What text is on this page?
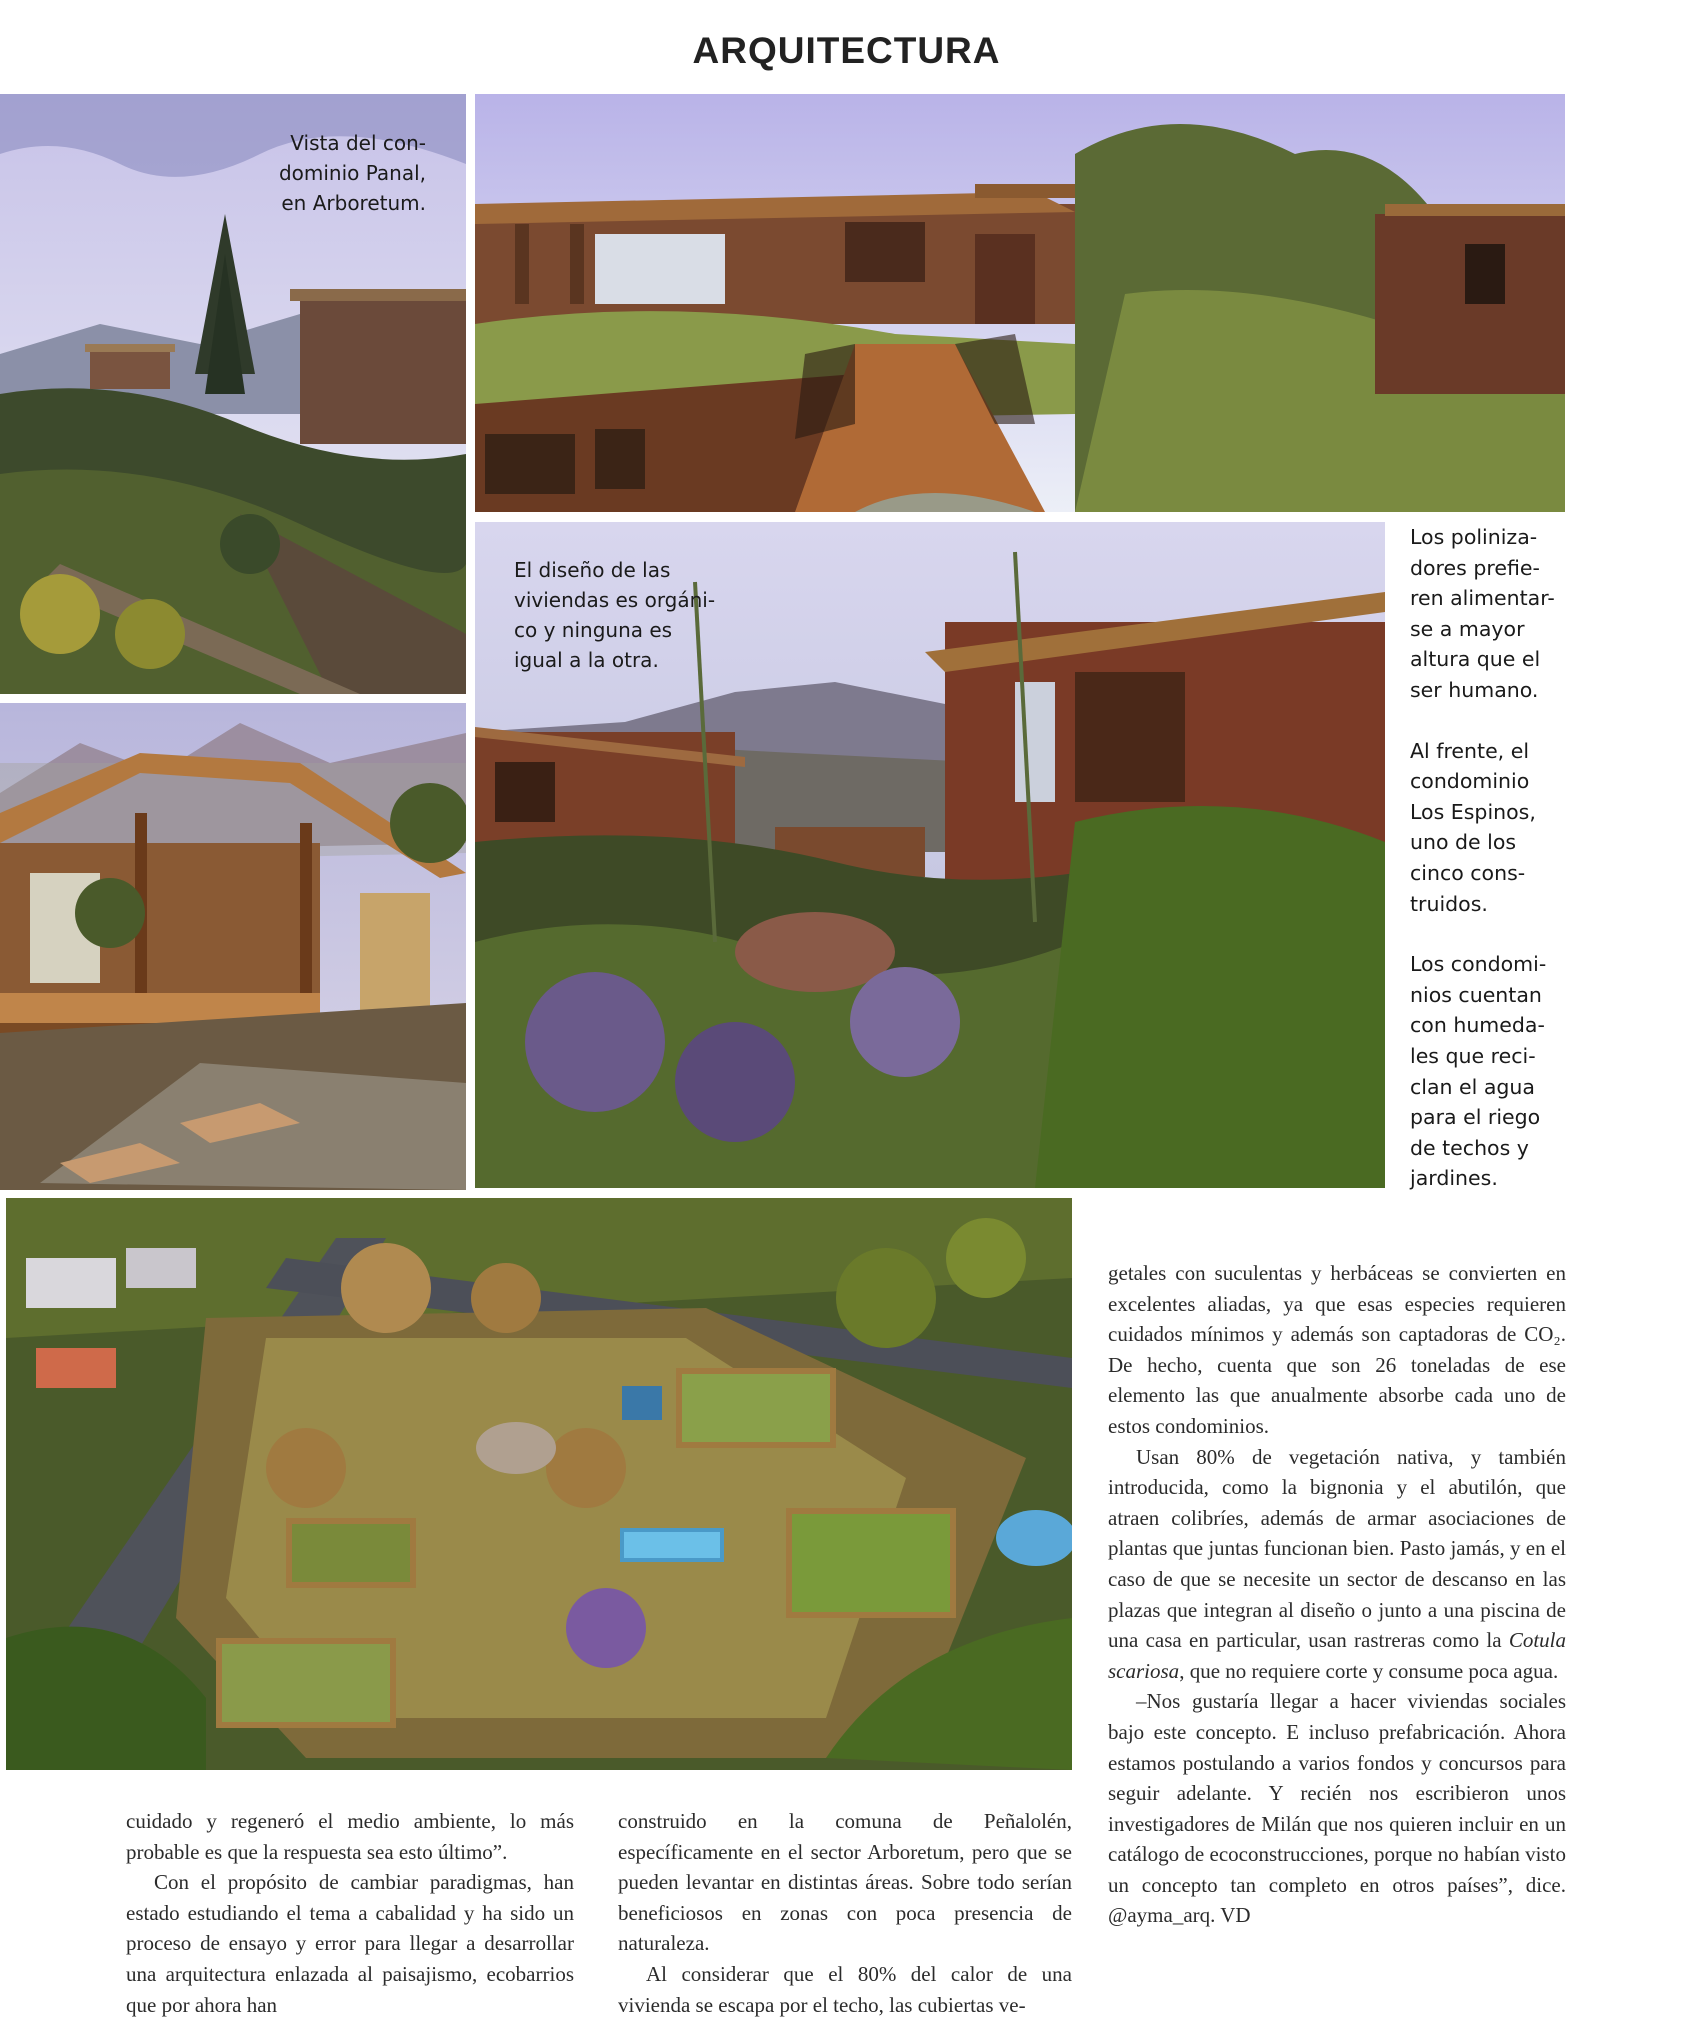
ARQUITECTURA
Vista del con-
dominio Panal,
en Arboretum.
El diseño de las
viviendas es orgáni-
co y ninguna es
igual a la otra.

Los poliniza-
dores prefie-
ren alimentar-
se a mayor
altura que el
ser humano.

Al frente, el
condominio
Los Espinos,
uno de los
cinco cons-
truidos.

Los condomi-
nios cuentan
con humeda-
les que reci-
clan el agua
para el riego
de techos y
jardines.

cuidado y regeneró el medio ambiente, lo más probable es que la respuesta sea esto último”.

Con el propósito de cambiar paradigmas, han estado estudiando el tema a cabalidad y ha sido un proceso de ensayo y error para llegar a desarrollar una arquitectura enlazada al paisajismo, ecobarrios que por ahora han

construido en la comuna de Peñalolén, específicamente en el sector Arboretum, pero que se pueden levantar en distintas áreas. Sobre todo serían beneficiosos en zonas con poca presencia de naturaleza.

Al considerar que el 80% del calor de una vivienda se escapa por el techo, las cubiertas ve-

getales con suculentas y herbáceas se convierten en excelentes aliadas, ya que esas especies requieren cuidados mínimos y además son captadoras de CO₂. De hecho, cuenta que son 26 toneladas de ese elemento las que anualmente absorbe cada uno de estos condominios.

Usan 80% de vegetación nativa, y también introducida, como la bignonia y el abutilón, que atraen colibríes, además de armar asociaciones de plantas que juntas funcionan bien. Pasto jamás, y en el caso de que se necesite un sector de descanso en las plazas que integran al diseño o junto a una piscina de una casa en particular, usan rastreras como la Cotula scariosa, que no requiere corte y consume poca agua.

–Nos gustaría llegar a hacer viviendas sociales bajo este concepto. E incluso prefabricación. Ahora estamos postulando a varios fondos y concursos para seguir adelante. Y recién nos escribieron unos investigadores de Milán que nos quieren incluir en un catálogo de ecoconstrucciones, porque no habían visto un concepto tan completo en otros países”, dice. @ayma_arq. VD
